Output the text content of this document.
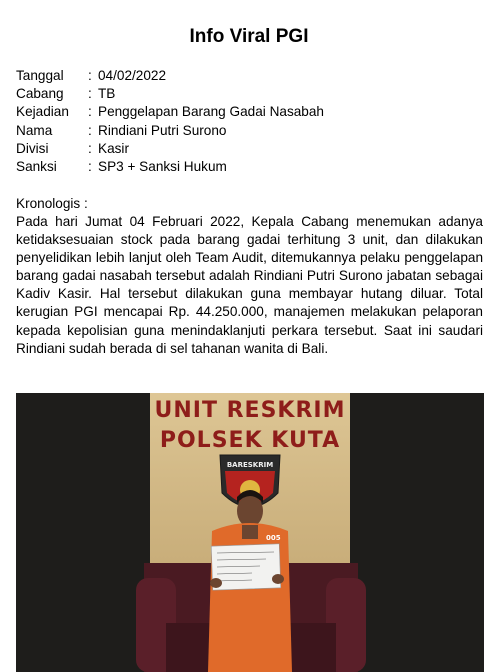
Info Viral PGI
Tanggal	: 04/02/2022
Cabang	: TB
Kejadian	: Penggelapan Barang Gadai Nasabah
Nama	: Rindiani Putri Surono
Divisi	: Kasir
Sanksi	: SP3 + Sanksi Hukum
Kronologis :
Pada hari Jumat 04 Februari 2022, Kepala Cabang menemukan adanya ketidaksesuaian stock pada barang gadai terhitung 3 unit, dan dilakukan penyelidikan lebih lanjut oleh Team Audit, ditemukannya pelaku penggelapan barang gadai nasabah tersebut adalah Rindiani Putri Surono jabatan sebagai Kadiv Kasir. Hal tersebut dilakukan guna membayar hutang diluar. Total kerugian PGI mencapai Rp. 44.250.000, manajemen melakukan pelaporan kepada kepolisian guna menindaklanjuti perkara tersebut. Saat ini saudari Rindiani sudah berada di sel tahanan wanita di Bali.
UNIT RESKRIM
POLSEK KUTA
BARESKRIM
005
